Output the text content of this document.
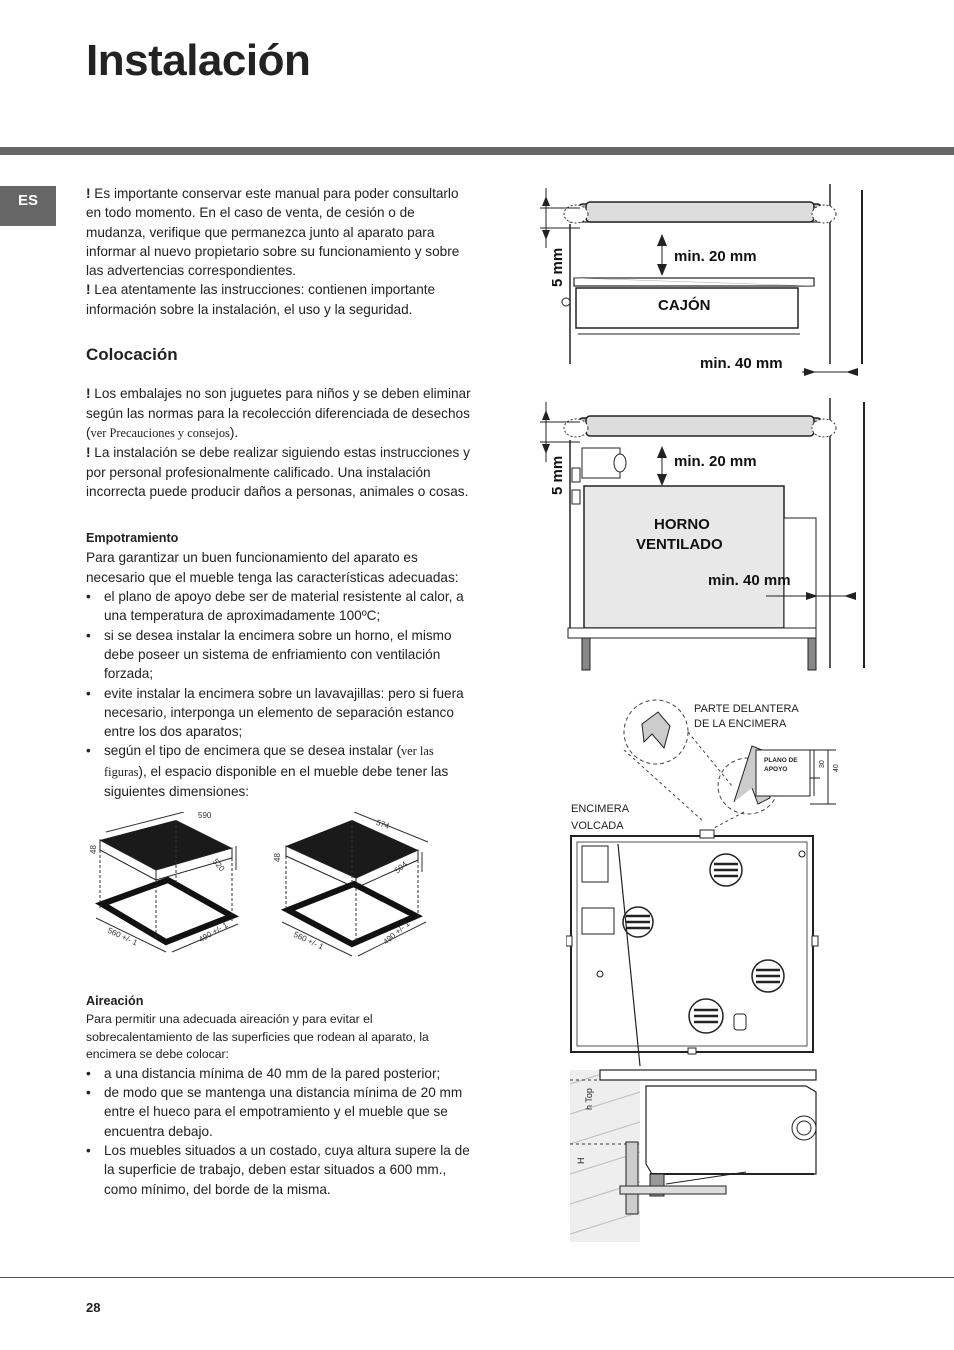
Instalación
ES	! Es importante conservar este manual para poder consultarlo en todo momento. En el caso de venta, de cesión o de mudanza, verifique que permanezca junto al aparato para informar al nuevo propietario sobre su funcionamiento y sobre las advertencias correspondientes.

! Lea atentamente las instrucciones: contienen importante información sobre la instalación, el uso y la seguridad.

Colocación

! Los embalajes no son juguetes para niños y se deben eliminar según las normas para la recolección diferenciada de desechos (ver Precauciones y consejos).

! La instalación se debe realizar siguiendo estas instrucciones y por personal profesionalmente calificado. Una instalación incorrecta puede producir daños a personas, animales o cosas.

Empotramiento

Para garantizar un buen funcionamiento del aparato es necesario que el mueble tenga las características adecuadas:

• el plano de apoyo debe ser de material resistente al calor, a una temperatura de aproximadamente 100ºC;
• si se desea instalar la encimera sobre un horno, el mismo debe poseer un sistema de enfriamiento con ventilación forzada;
• evite instalar la encimera sobre un lavavajillas: pero si fuera necesario, interponga un elemento de separación estanco entre los dos aparatos;
• según el tipo de encimera que se desea instalar (ver las figuras), el espacio disponible en el mueble debe tener las siguientes dimensiones:
48
590
520
560 +/- 1	490 +/- 1
48
574
504
560 +/- 1	490 +/- 1
Aireación

Para permitir una adecuada aireación y para evitar el sobrecalentamiento de las superficies que rodean al aparato, la encimera se debe colocar:

• a una distancia mínima de 40 mm de la pared posterior;
• de modo que se mantenga una distancia mínima de 20 mm entre el hueco para el empotramiento y el mueble que se encuentra debajo.
• Los muebles situados a un costado, cuya altura supere la de la superficie de trabajo, deben estar situados a 600 mm., como mínimo, del borde de la misma.
5 mm	min. 20 mm
CAJÓN
min. 40 mm
5 mm	min. 20 mm
HORNO
VENTILADO
min. 40 mm
PARTE DELANTERA
DE LA ENCIMERA
PLANO DE
APOYO
30
40
ENCIMERA
VOLCADA
h Top
H
28
